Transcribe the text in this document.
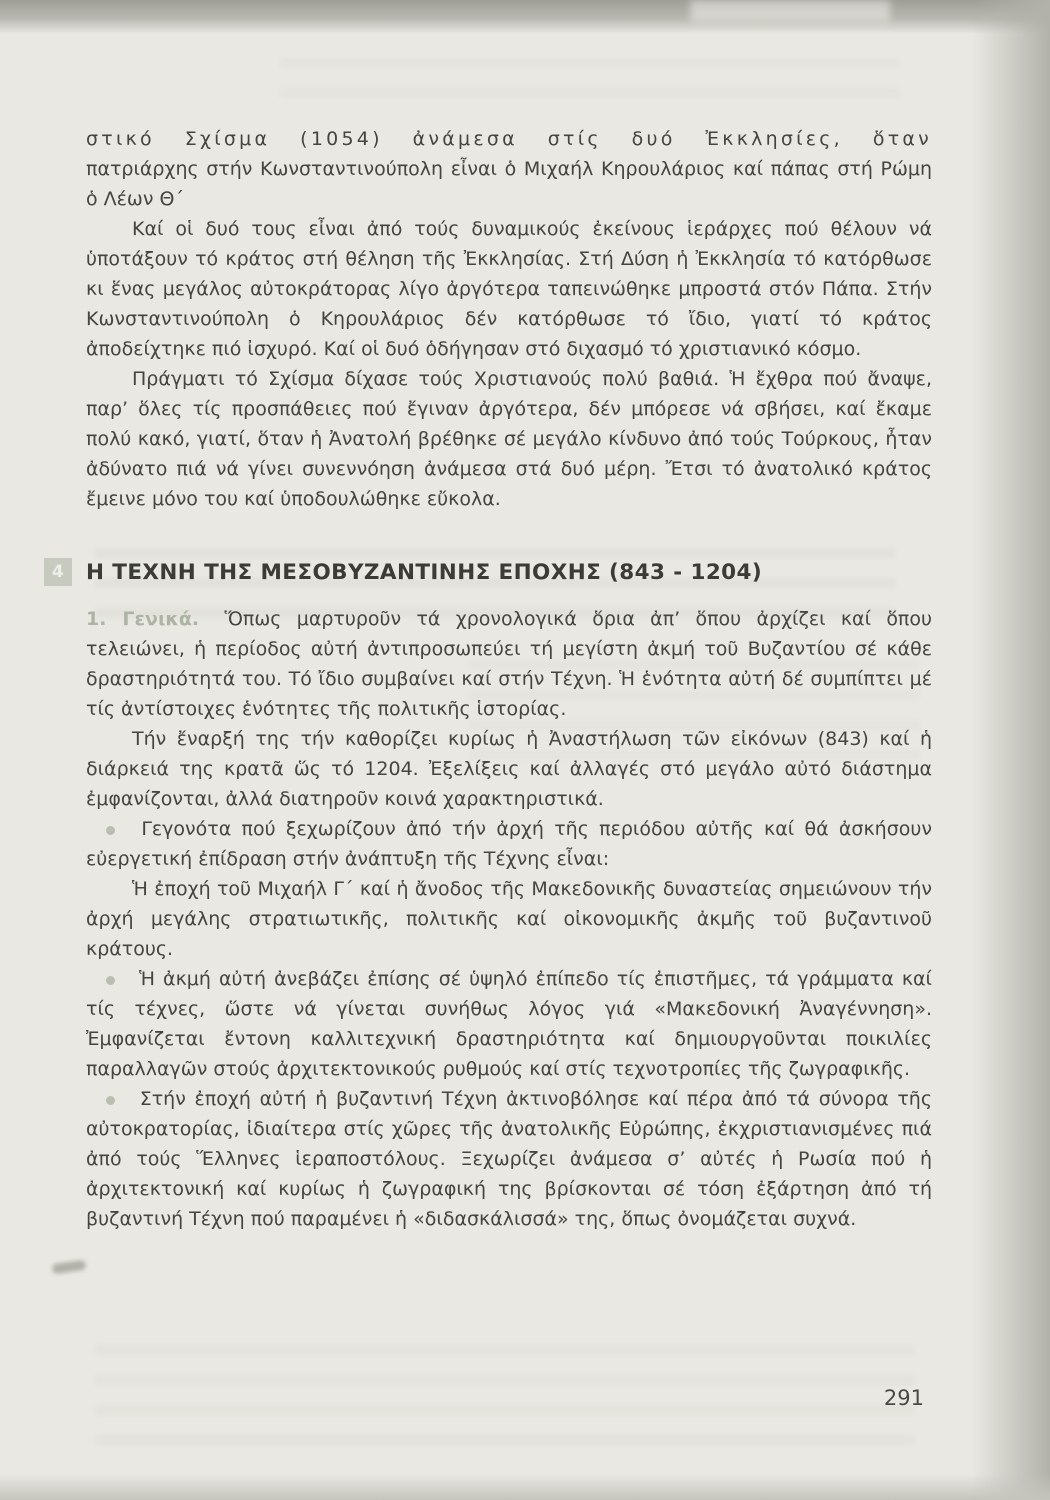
στικό Σχίσμα (1054) ἀνάμεσα στίς δυό Ἐκκλησίες, ὅταν πατριάρχης στήν Κωνσταντινούπολη εἶναι ὁ Μιχαήλ Κηρουλάριος καί πάπας στή Ρώμη ὁ Λέων Θ΄

Καί οἱ δυό τους εἶναι ἀπό τούς δυναμικούς ἐκείνους ἱεράρχες πού θέλουν νά ὑποτάξουν τό κράτος στή θέληση τῆς Ἐκκλησίας. Στή Δύση ἡ Ἐκκλησία τό κατόρθωσε κι ἕνας μεγάλος αὐτοκράτορας λίγο ἀργότερα ταπεινώθηκε μπροστά στόν Πάπα. Στήν Κωνσταντινούπολη ὁ Κηρουλάριος δέν κατόρθωσε τό ἴδιο, γιατί τό κράτος ἀποδείχτηκε πιό ἰσχυρό. Καί οἱ δυό ὁδήγησαν στό διχασμό τό χριστιανικό κόσμο.

Πράγματι τό Σχίσμα δίχασε τούς Χριστιανούς πολύ βαθιά. Ἡ ἔχθρα πού ἄναψε, παρ’ ὅλες τίς προσπάθειες πού ἔγιναν ἀργότερα, δέν μπόρεσε νά σβήσει, καί ἔκαμε πολύ κακό, γιατί, ὅταν ἡ Ἀνατολή βρέθηκε σέ μεγάλο κίνδυνο ἀπό τούς Τούρκους, ἦταν ἀδύνατο πιά νά γίνει συνεννόηση ἀνάμεσα στά δυό μέρη. Ἔτσι τό ἀνατολικό κράτος ἔμεινε μόνο του καί ὑποδουλώθηκε εὔκολα.

4	Η ΤΕΧΝΗ ΤΗΣ ΜΕΣΟΒΥΖΑΝΤΙΝΗΣ ΕΠΟΧΗΣ (843 - 1204)

1. Γενικά. Ὅπως μαρτυροῦν τά χρονολογικά ὅρια ἀπ’ ὅπου ἀρχίζει καί ὅπου τελειώνει, ἡ περίοδος αὐτή ἀντιπροσωπεύει τή μεγίστη ἀκμή τοῦ Βυζαντίου σέ κάθε δραστηριότητά του. Τό ἴδιο συμβαίνει καί στήν Τέχνη. Ἡ ἑνότητα αὐτή δέ συμπίπτει μέ τίς ἀντίστοιχες ἑνότητες τῆς πολιτικῆς ἱστορίας.

Τήν ἔναρξή της τήν καθορίζει κυρίως ἡ Ἀναστήλωση τῶν εἰκόνων (843) καί ἡ διάρκειά της κρατᾶ ὥς τό 1204. Ἐξελίξεις καί ἀλλαγές στό μεγάλο αὐτό διάστημα ἐμφανίζονται, ἀλλά διατηροῦν κοινά χαρακτηριστικά.

Γεγονότα πού ξεχωρίζουν ἀπό τήν ἀρχή τῆς περιόδου αὐτῆς καί θά ἀσκήσουν εὐεργετική ἐπίδραση στήν ἀνάπτυξη τῆς Τέχνης εἶναι:

Ἡ ἐποχή τοῦ Μιχαήλ Γ΄ καί ἡ ἄνοδος τῆς Μακεδονικῆς δυναστείας σημειώνουν τήν ἀρχή μεγάλης στρατιωτικῆς, πολιτικῆς καί οἰκονομικῆς ἀκμῆς τοῦ βυζαντινοῦ κράτους.

Ἡ ἀκμή αὐτή ἀνεβάζει ἐπίσης σέ ὑψηλό ἐπίπεδο τίς ἐπιστῆμες, τά γράμματα καί τίς τέχνες, ὥστε νά γίνεται συνήθως λόγος γιά «Μακεδονική Ἀναγέννηση». Ἐμφανίζεται ἔντονη καλλιτεχνική δραστηριότητα καί δημιουργοῦνται ποικιλίες παραλλαγῶν στούς ἀρχιτεκτονικούς ρυθμούς καί στίς τεχνοτροπίες τῆς ζωγραφικῆς.

Στήν ἐποχή αὐτή ἡ βυζαντινή Τέχνη ἀκτινοβόλησε καί πέρα ἀπό τά σύνορα τῆς αὐτοκρατορίας, ἰδιαίτερα στίς χῶρες τῆς ἀνατολικῆς Εὐρώπης, ἐκχριστιανισμένες πιά ἀπό τούς Ἕλληνες ἱεραποστόλους. Ξεχωρίζει ἀνάμεσα σ’ αὐτές ἡ Ρωσία πού ἡ ἀρχιτεκτονική καί κυρίως ἡ ζωγραφική της βρίσκονται σέ τόση ἐξάρτηση ἀπό τή βυζαντινή Τέχνη πού παραμένει ἡ «διδασκάλισσά» της, ὅπως ὀνομάζεται συχνά.

291
